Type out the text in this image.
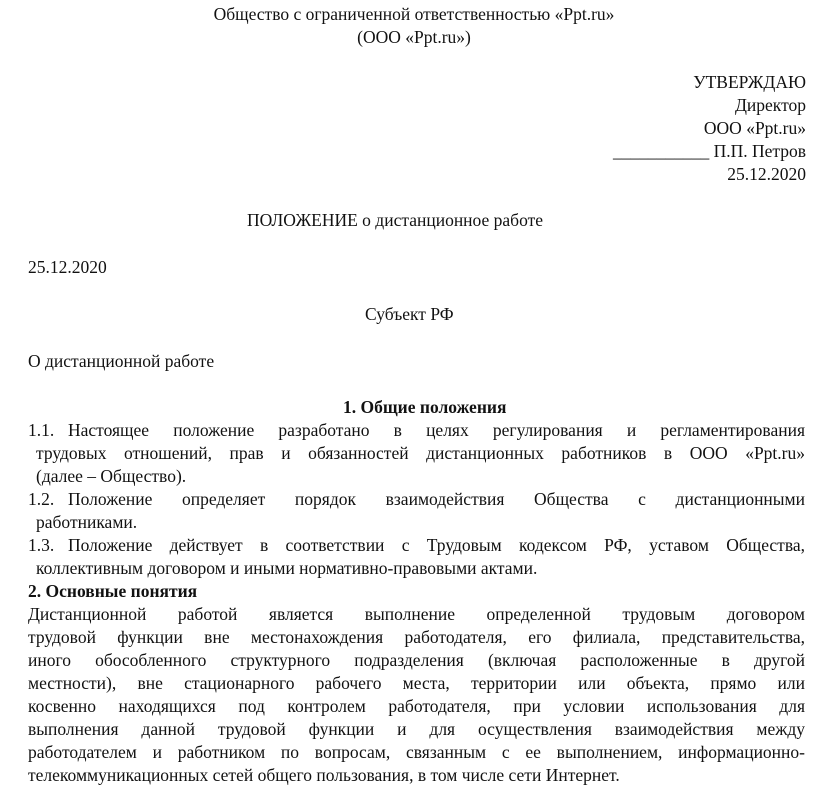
Общество с ограниченной ответственностью «Ppt.ru»
(ООО «Ppt.ru»)
УТВЕРЖДАЮ
Директор
ООО «Ppt.ru»
___________ П.П. Петров
25.12.2020
ПОЛОЖЕНИЕ о дистанционное работе
25.12.2020
Субъект РФ
О дистанционной работе
1. Общие положения
1.1. Настоящее положение разработано в целях регулирования и регламентирования
трудовых отношений, прав и обязанностей дистанционных работников в ООО «Ppt.ru»
(далее – Общество).
1.2. Положение определяет порядок взаимодействия Общества с дистанционными
работниками.
1.3. Положение действует в соответствии с Трудовым кодексом РФ, уставом Общества,
коллективным договором и иными нормативно-правовыми актами.
2. Основные понятия
Дистанционной работой является выполнение определенной трудовым договором
трудовой функции вне местонахождения работодателя, его филиала, представительства,
иного обособленного структурного подразделения (включая расположенные в другой
местности), вне стационарного рабочего места, территории или объекта, прямо или
косвенно находящихся под контролем работодателя, при условии использования для
выполнения данной трудовой функции и для осуществления взаимодействия между
работодателем и работником по вопросам, связанным с ее выполнением, информационно-
телекоммуникационных сетей общего пользования, в том числе сети Интернет.
